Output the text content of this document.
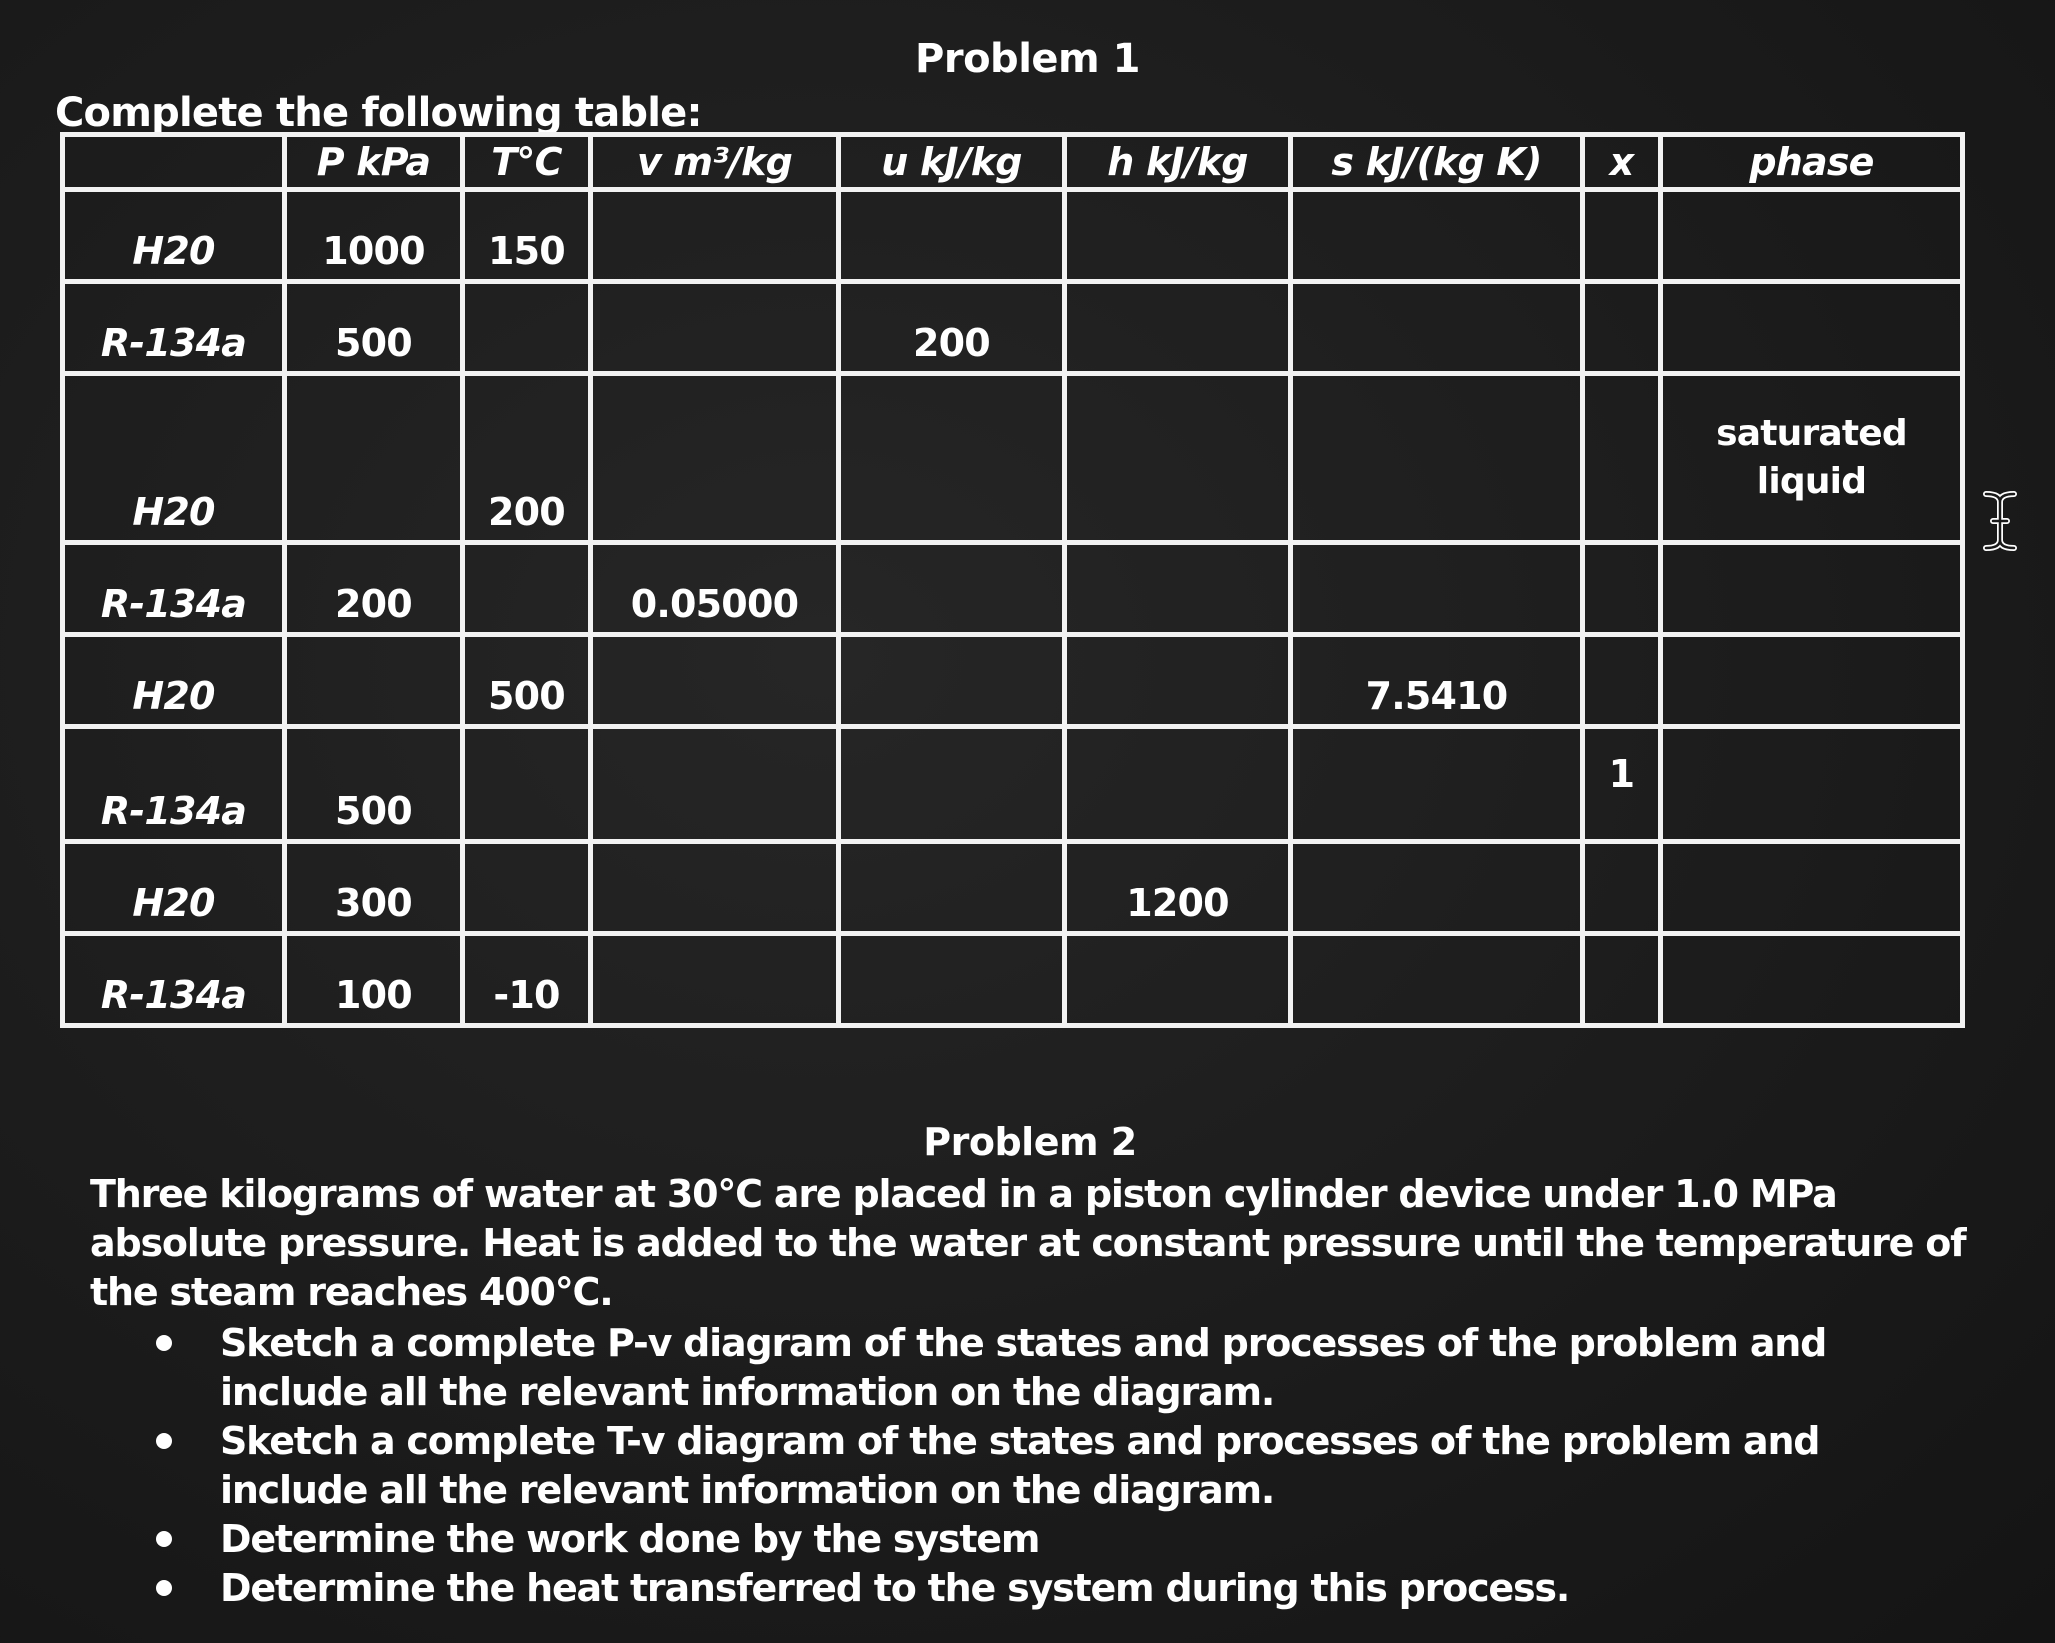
Problem 1
Complete the following table:
	P kPa	T°C	v m³/kg	u kJ/kg	h kJ/kg	s kJ/(kg K)	x	phase
H20	1000	150						
R-134a	500			200				
H20		200						saturated liquid
R-134a	200		0.05000					
H20		500				7.5410		
R-134a	500						1	
H20	300				1200			
R-134a	100	-10						
Problem 2

Three kilograms of water at 30°C are placed in a piston cylinder device under 1.0 MPa absolute pressure. Heat is added to the water at constant pressure until the temperature of the steam reaches 400°C.

Sketch a complete P-v diagram of the states and processes of the problem and include all the relevant information on the diagram.
Sketch a complete T-v diagram of the states and processes of the problem and include all the relevant information on the diagram.
Determine the work done by the system
Determine the heat transferred to the system during this process.
